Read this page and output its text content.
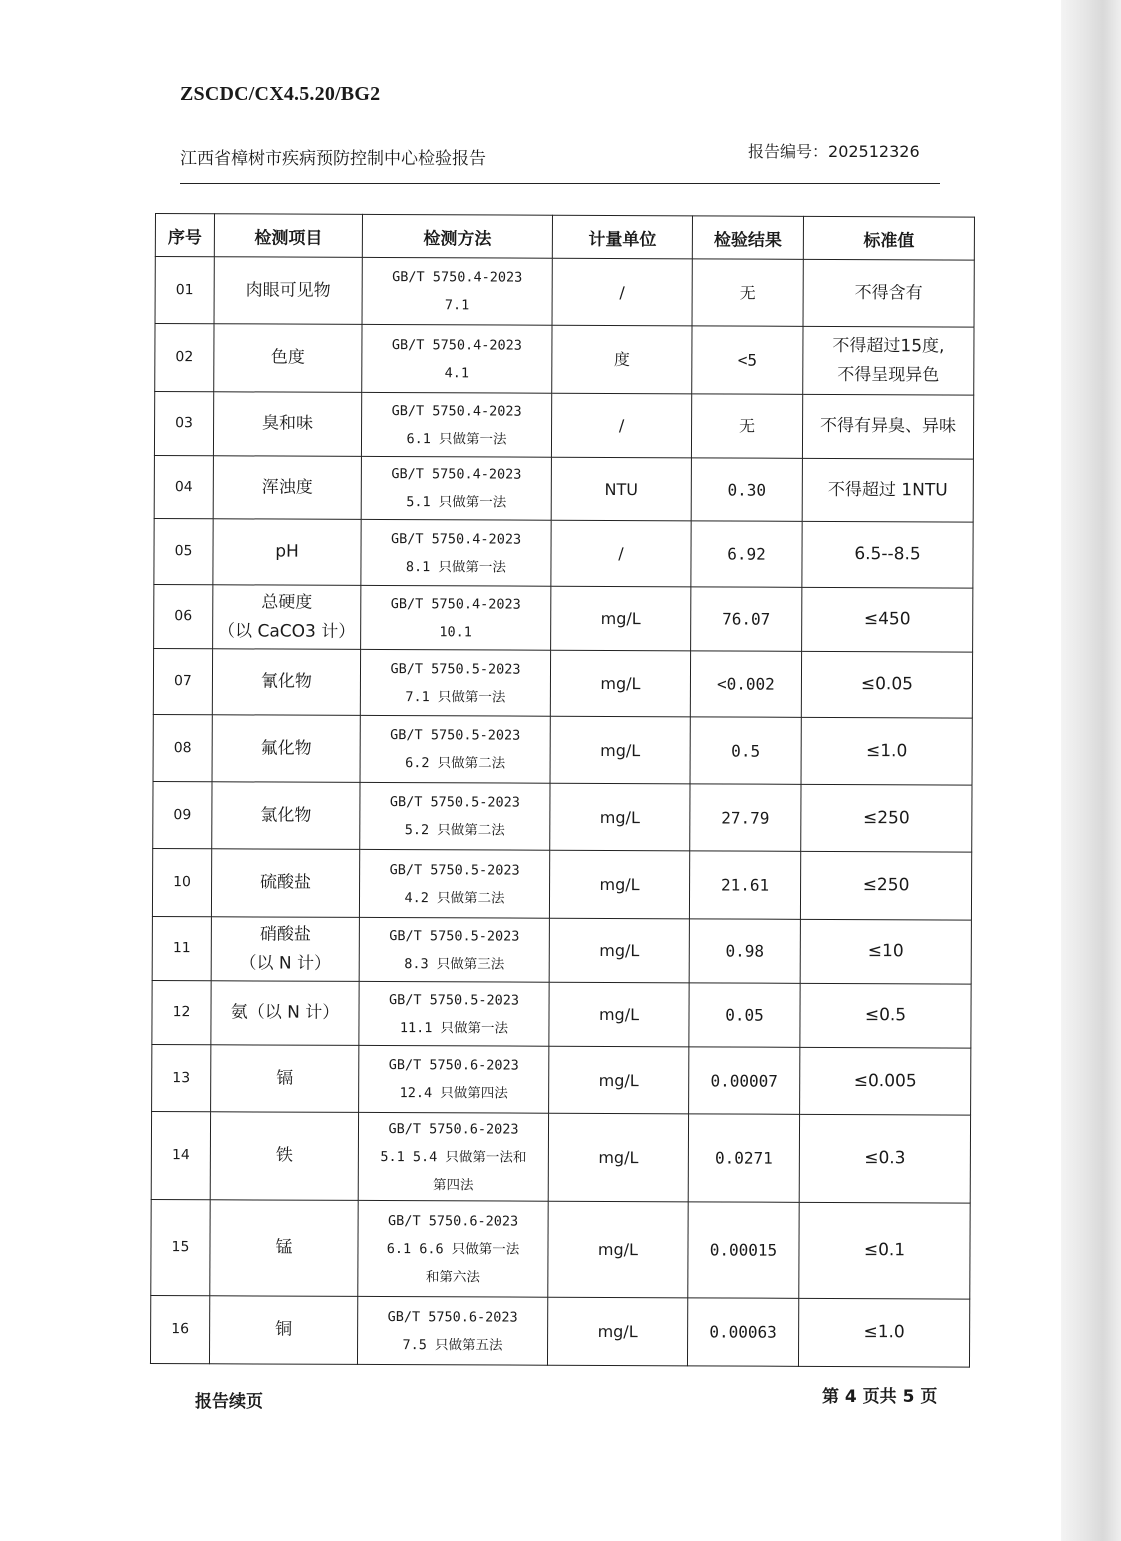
ZSCDC/CX4.5.20/BG2
江西省樟树市疾病预防控制中心检验报告	报告编号：202512326
序号	检测项目	检测方法	计量单位	检验结果	标准值
01	肉眼可见物	GB/T 5750.4-2023
7.1	/	无	不得含有

02	色度	GB/T 5750.4-2023
4.1	度	<5	不得超过15度,
不得呈现异色

03	臭和味	GB/T 5750.4-2023
6.1 只做第一法	/	无	不得有异臭、异味

04	浑浊度	GB/T 5750.4-2023
5.1 只做第一法	NTU	0.30	不得超过 1NTU

05	pH	GB/T 5750.4-2023
8.1 只做第一法	/	6.92	6.5--8.5

06	总硬度
（以 CaCO3 计）	GB/T 5750.4-2023
10.1	mg/L	76.07	≤450

07	氰化物	GB/T 5750.5-2023
7.1 只做第一法	mg/L	<0.002	≤0.05

08	氟化物	GB/T 5750.5-2023
6.2 只做第二法	mg/L	0.5	≤1.0

09	氯化物	GB/T 5750.5-2023
5.2 只做第二法	mg/L	27.79	≤250

10	硫酸盐	GB/T 5750.5-2023
4.2 只做第二法	mg/L	21.61	≤250

11	硝酸盐
（以 N 计）	GB/T 5750.5-2023
8.3 只做第三法	mg/L	0.98	≤10

12	氨（以 N 计）	GB/T 5750.5-2023
11.1 只做第一法	mg/L	0.05	≤0.5

13	镉	GB/T 5750.6-2023
12.4 只做第四法	mg/L	0.00007	≤0.005

14	铁	GB/T 5750.6-2023
5.1 5.4 只做第一法和
第四法	mg/L	0.0271	≤0.3

15	锰	GB/T 5750.6-2023
6.1 6.6 只做第一法
和第六法	mg/L	0.00015	≤0.1

16	铜	GB/T 5750.6-2023
7.5 只做第五法	mg/L	0.00063	≤1.0
报告续页	第 4 页共 5 页
